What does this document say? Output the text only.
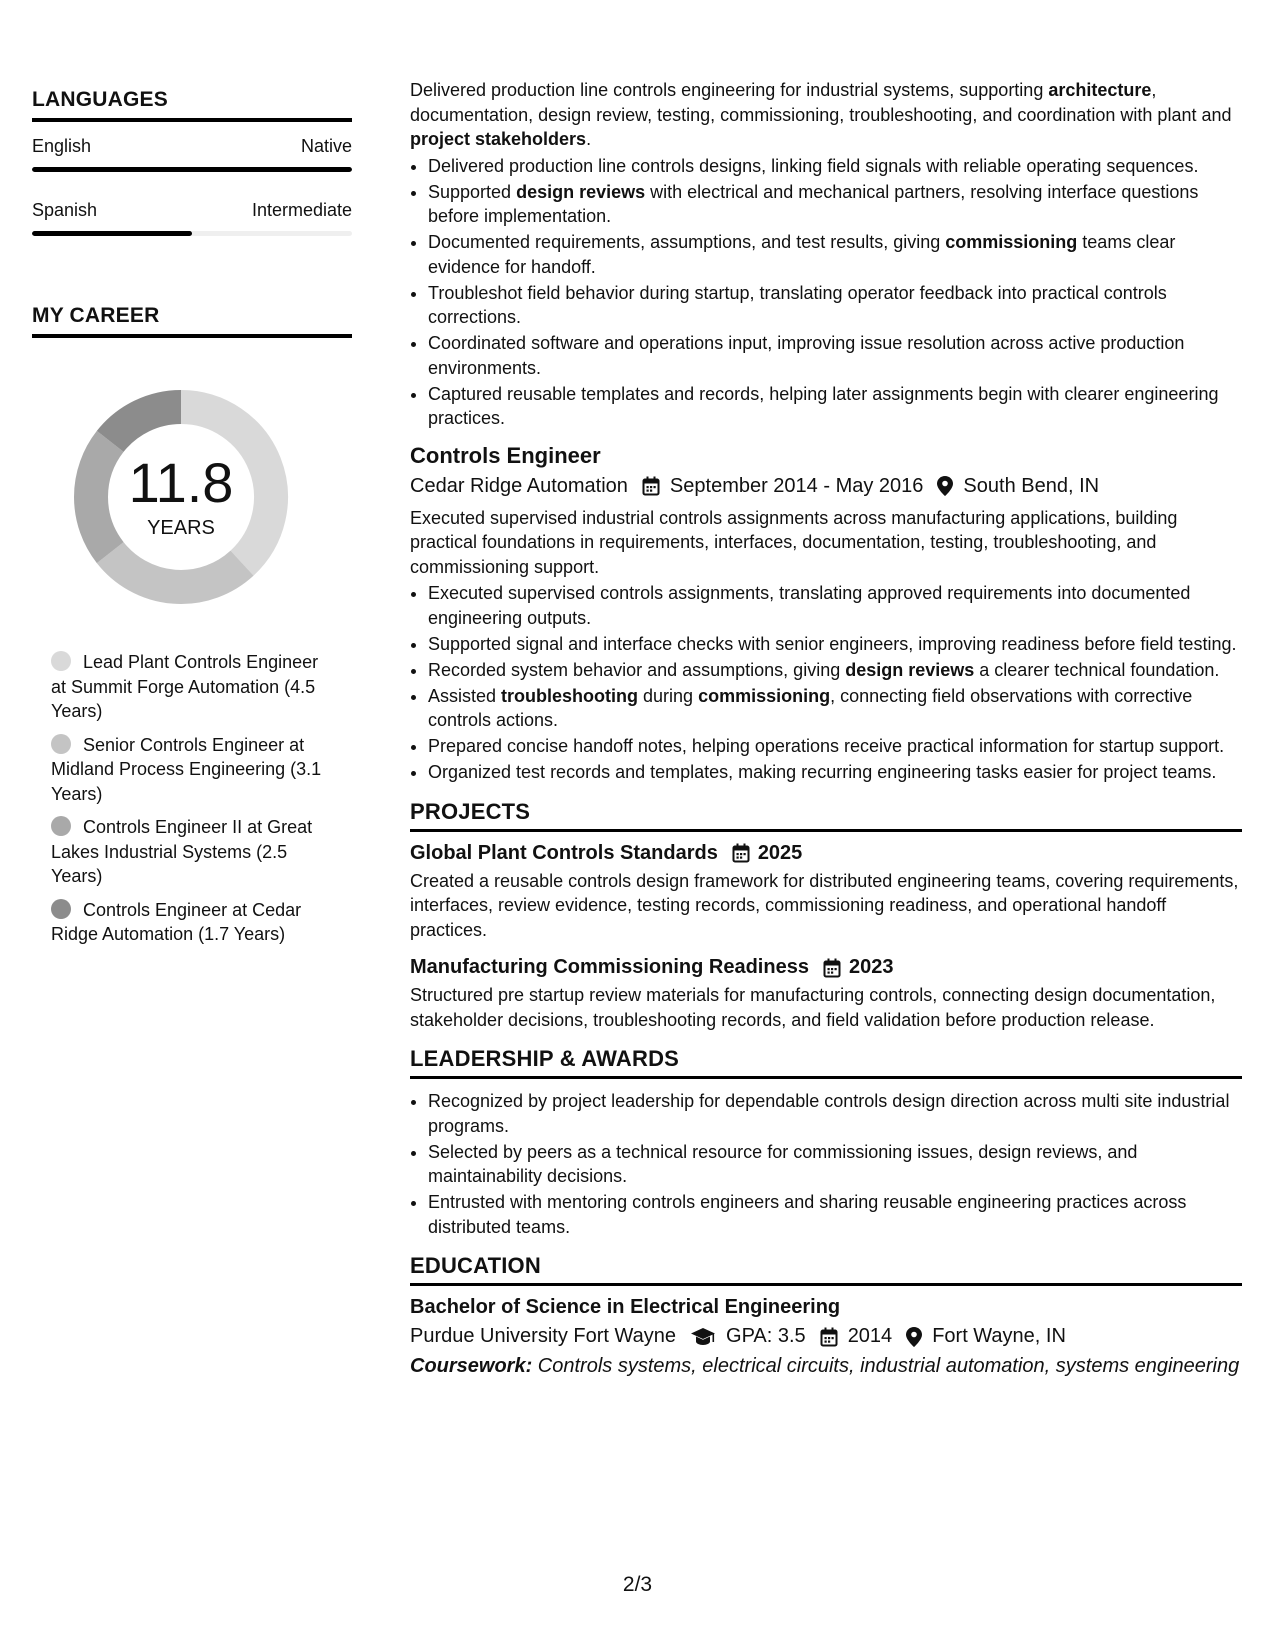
LANGUAGES
English	Native
Spanish	Intermediate
MY CAREER
11.8
YEARS
Lead Plant Controls Engineer at Summit Forge Automation (4.5 Years)
Senior Controls Engineer at Midland Process Engineering (3.1 Years)
Controls Engineer II at Great Lakes Industrial Systems (2.5 Years)
Controls Engineer at Cedar Ridge Automation (1.7 Years)

Delivered production line controls engineering for industrial systems, supporting architecture, documentation, design review, testing, commissioning, troubleshooting, and coordination with plant and project stakeholders.

• Delivered production line controls designs, linking field signals with reliable operating sequences.
• Supported design reviews with electrical and mechanical partners, resolving interface questions before implementation.
• Documented requirements, assumptions, and test results, giving commissioning teams clear evidence for handoff.
• Troubleshot field behavior during startup, translating operator feedback into practical controls corrections.
• Coordinated software and operations input, improving issue resolution across active production environments.
• Captured reusable templates and records, helping later assignments begin with clearer engineering practices.
Controls Engineer
Cedar Ridge Automation September 2014 - May 2016 South Bend, IN

Executed supervised industrial controls assignments across manufacturing applications, building practical foundations in requirements, interfaces, documentation, testing, troubleshooting, and commissioning support.

• Executed supervised controls assignments, translating approved requirements into documented engineering outputs.
• Supported signal and interface checks with senior engineers, improving readiness before field testing.
• Recorded system behavior and assumptions, giving design reviews a clearer technical foundation.
• Assisted troubleshooting during commissioning, connecting field observations with corrective controls actions.
• Prepared concise handoff notes, helping operations receive practical information for startup support.
• Organized test records and templates, making recurring engineering tasks easier for project teams.
PROJECTS
Global Plant Controls Standards 2025

Created a reusable controls design framework for distributed engineering teams, covering requirements, interfaces, review evidence, testing records, commissioning readiness, and operational handoff practices.

Manufacturing Commissioning Readiness 2023

Structured pre startup review materials for manufacturing controls, connecting design documentation, stakeholder decisions, troubleshooting records, and field validation before production release.

LEADERSHIP & AWARDS
• Recognized by project leadership for dependable controls design direction across multi site industrial programs.
• Selected by peers as a technical resource for commissioning issues, design reviews, and maintainability decisions.
• Entrusted with mentoring controls engineers and sharing reusable engineering practices across distributed teams.
EDUCATION
Bachelor of Science in Electrical Engineering
Purdue University Fort Wayne	GPA: 3.5 2014 Fort Wayne, IN
Coursework: Controls systems, electrical circuits, industrial automation, systems engineering
2/3
